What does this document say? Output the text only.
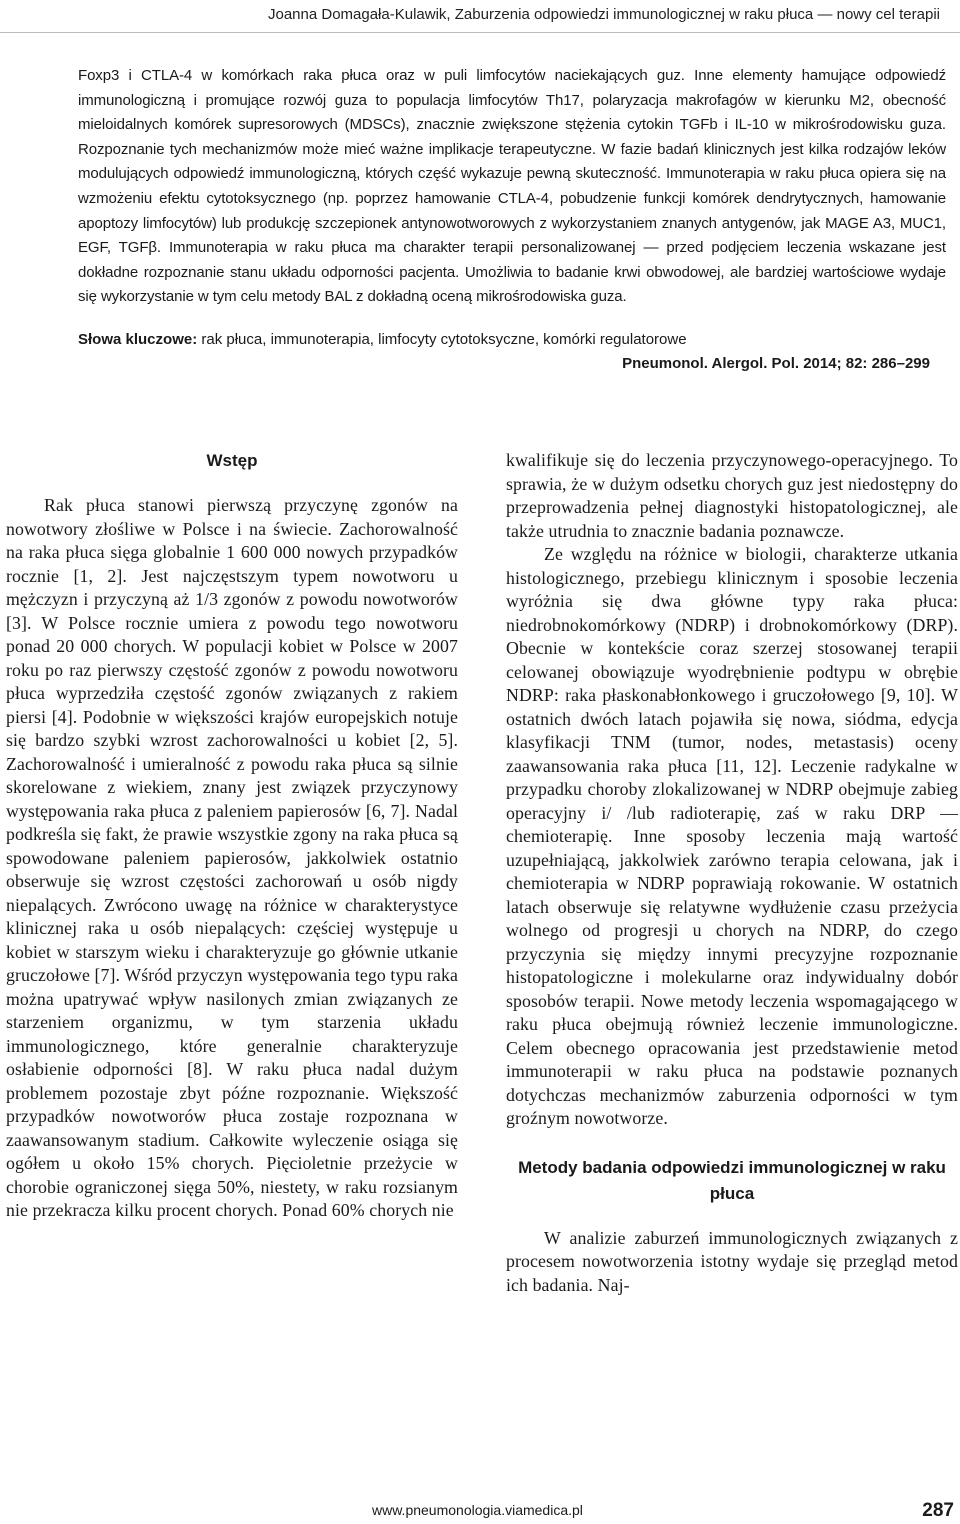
Joanna Domagała-Kulawik, Zaburzenia odpowiedzi immunologicznej w raku płuca — nowy cel terapii
Foxp3 i CTLA-4 w komórkach raka płuca oraz w puli limfocytów naciekających guz. Inne elementy hamujące odpowiedź immunologiczną i promujące rozwój guza to populacja limfocytów Th17, polaryzacja makrofagów w kierunku M2, obecność mieloidalnych komórek supresorowych (MDSCs), znacznie zwiększone stężenia cytokin TGFb i IL-10 w mikrośrodowisku guza. Rozpoznanie tych mechanizmów może mieć ważne implikacje terapeutyczne. W fazie badań klinicznych jest kilka rodzajów leków modulujących odpowiedź immunologiczną, których część wykazuje pewną skuteczność. Immunoterapia w raku płuca opiera się na wzmożeniu efektu cytotoksycznego (np. poprzez hamowanie CTLA-4, pobudzenie funkcji komórek dendrytycznych, hamowanie apoptozy limfocytów) lub produkcję szczepionek antynowotworowych z wykorzystaniem znanych antygenów, jak MAGE A3, MUC1, EGF, TGFβ. Immunoterapia w raku płuca ma charakter terapii personalizowanej — przed podjęciem leczenia wskazane jest dokładne rozpoznanie stanu układu odporności pacjenta. Umożliwia to badanie krwi obwodowej, ale bardziej wartościowe wydaje się wykorzystanie w tym celu metody BAL z dokładną oceną mikrośrodowiska guza.
Słowa kluczowe: rak płuca, immunoterapia, limfocyty cytotoksyczne, komórki regulatorowe
Pneumonol. Alergol. Pol. 2014; 82: 286–299
Wstęp

Rak płuca stanowi pierwszą przyczynę zgonów na nowotwory złośliwe w Polsce i na świecie. Zachorowalność na raka płuca sięga globalnie 1 600 000 nowych przypadków rocznie [1, 2]. Jest najczęstszym typem nowotworu u mężczyzn i przyczyną aż 1/3 zgonów z powodu nowotworów [3]. W Polsce rocznie umiera z powodu tego nowotworu ponad 20 000 chorych. W populacji kobiet w Polsce w 2007 roku po raz pierwszy częstość zgonów z powodu nowotworu płuca wyprzedziła częstość zgonów związanych z rakiem piersi [4]. Podobnie w większości krajów europejskich notuje się bardzo szybki wzrost zachorowalności u kobiet [2, 5]. Zachorowalność i umieralność z powodu raka płuca są silnie skorelowane z wiekiem, znany jest związek przyczynowy występowania raka płuca z paleniem papierosów [6, 7]. Nadal podkreśla się fakt, że prawie wszystkie zgony na raka płuca są spowodowane paleniem papierosów, jakkolwiek ostatnio obserwuje się wzrost częstości zachorowań u osób nigdy niepalących. Zwrócono uwagę na różnice w charakterystyce klinicznej raka u osób niepalących: częściej występuje u kobiet w starszym wieku i charakteryzuje go głównie utkanie gruczołowe [7]. Wśród przyczyn występowania tego typu raka można upatrywać wpływ nasilonych zmian związanych ze starzeniem organizmu, w tym starzenia układu immunologicznego, które generalnie charakteryzuje osłabienie odporności [8]. W raku płuca nadal dużym problemem pozostaje zbyt późne rozpoznanie. Większość przypadków nowotworów płuca zostaje rozpoznana w zaawansowanym stadium. Całkowite wyleczenie osiąga się ogółem u około 15% chorych. Pięcioletnie przeżycie w chorobie ograniczonej sięga 50%, niestety, w raku rozsianym nie przekracza kilku procent chorych. Ponad 60% chorych nie

kwalifikuje się do leczenia przyczynowego-operacyjnego. To sprawia, że w dużym odsetku chorych guz jest niedostępny do przeprowadzenia pełnej diagnostyki histopatologicznej, ale także utrudnia to znacznie badania poznawcze.

Ze względu na różnice w biologii, charakterze utkania histologicznego, przebiegu klinicznym i sposobie leczenia wyróżnia się dwa główne typy raka płuca: niedrobnokomórkowy (NDRP) i drobnokomórkowy (DRP). Obecnie w kontekście coraz szerzej stosowanej terapii celowanej obowiązuje wyodrębnienie podtypu w obrębie NDRP: raka płaskonabłonkowego i gruczołowego [9, 10]. W ostatnich dwóch latach pojawiła się nowa, siódma, edycja klasyfikacji TNM (tumor, nodes, metastasis) oceny zaawansowania raka płuca [11, 12]. Leczenie radykalne w przypadku choroby zlokalizowanej w NDRP obejmuje zabieg operacyjny i/ /lub radioterapię, zaś w raku DRP — chemioterapię. Inne sposoby leczenia mają wartość uzupełniającą, jakkolwiek zarówno terapia celowana, jak i chemioterapia w NDRP poprawiają rokowanie. W ostatnich latach obserwuje się relatywne wydłużenie czasu przeżycia wolnego od progresji u chorych na NDRP, do czego przyczynia się między innymi precyzyjne rozpoznanie histopatologiczne i molekularne oraz indywidualny dobór sposobów terapii. Nowe metody leczenia wspomagającego w raku płuca obejmują również leczenie immunologiczne. Celem obecnego opracowania jest przedstawienie metod immunoterapii w raku płuca na podstawie poznanych dotychczas mechanizmów zaburzenia odporności w tym groźnym nowotworze.

Metody badania odpowiedzi immunologicznej w raku płuca

W analizie zaburzeń immunologicznych związanych z procesem nowotworzenia istotny wydaje się przegląd metod ich badania. Naj-

www.pneumonologia.viamedica.pl	287
